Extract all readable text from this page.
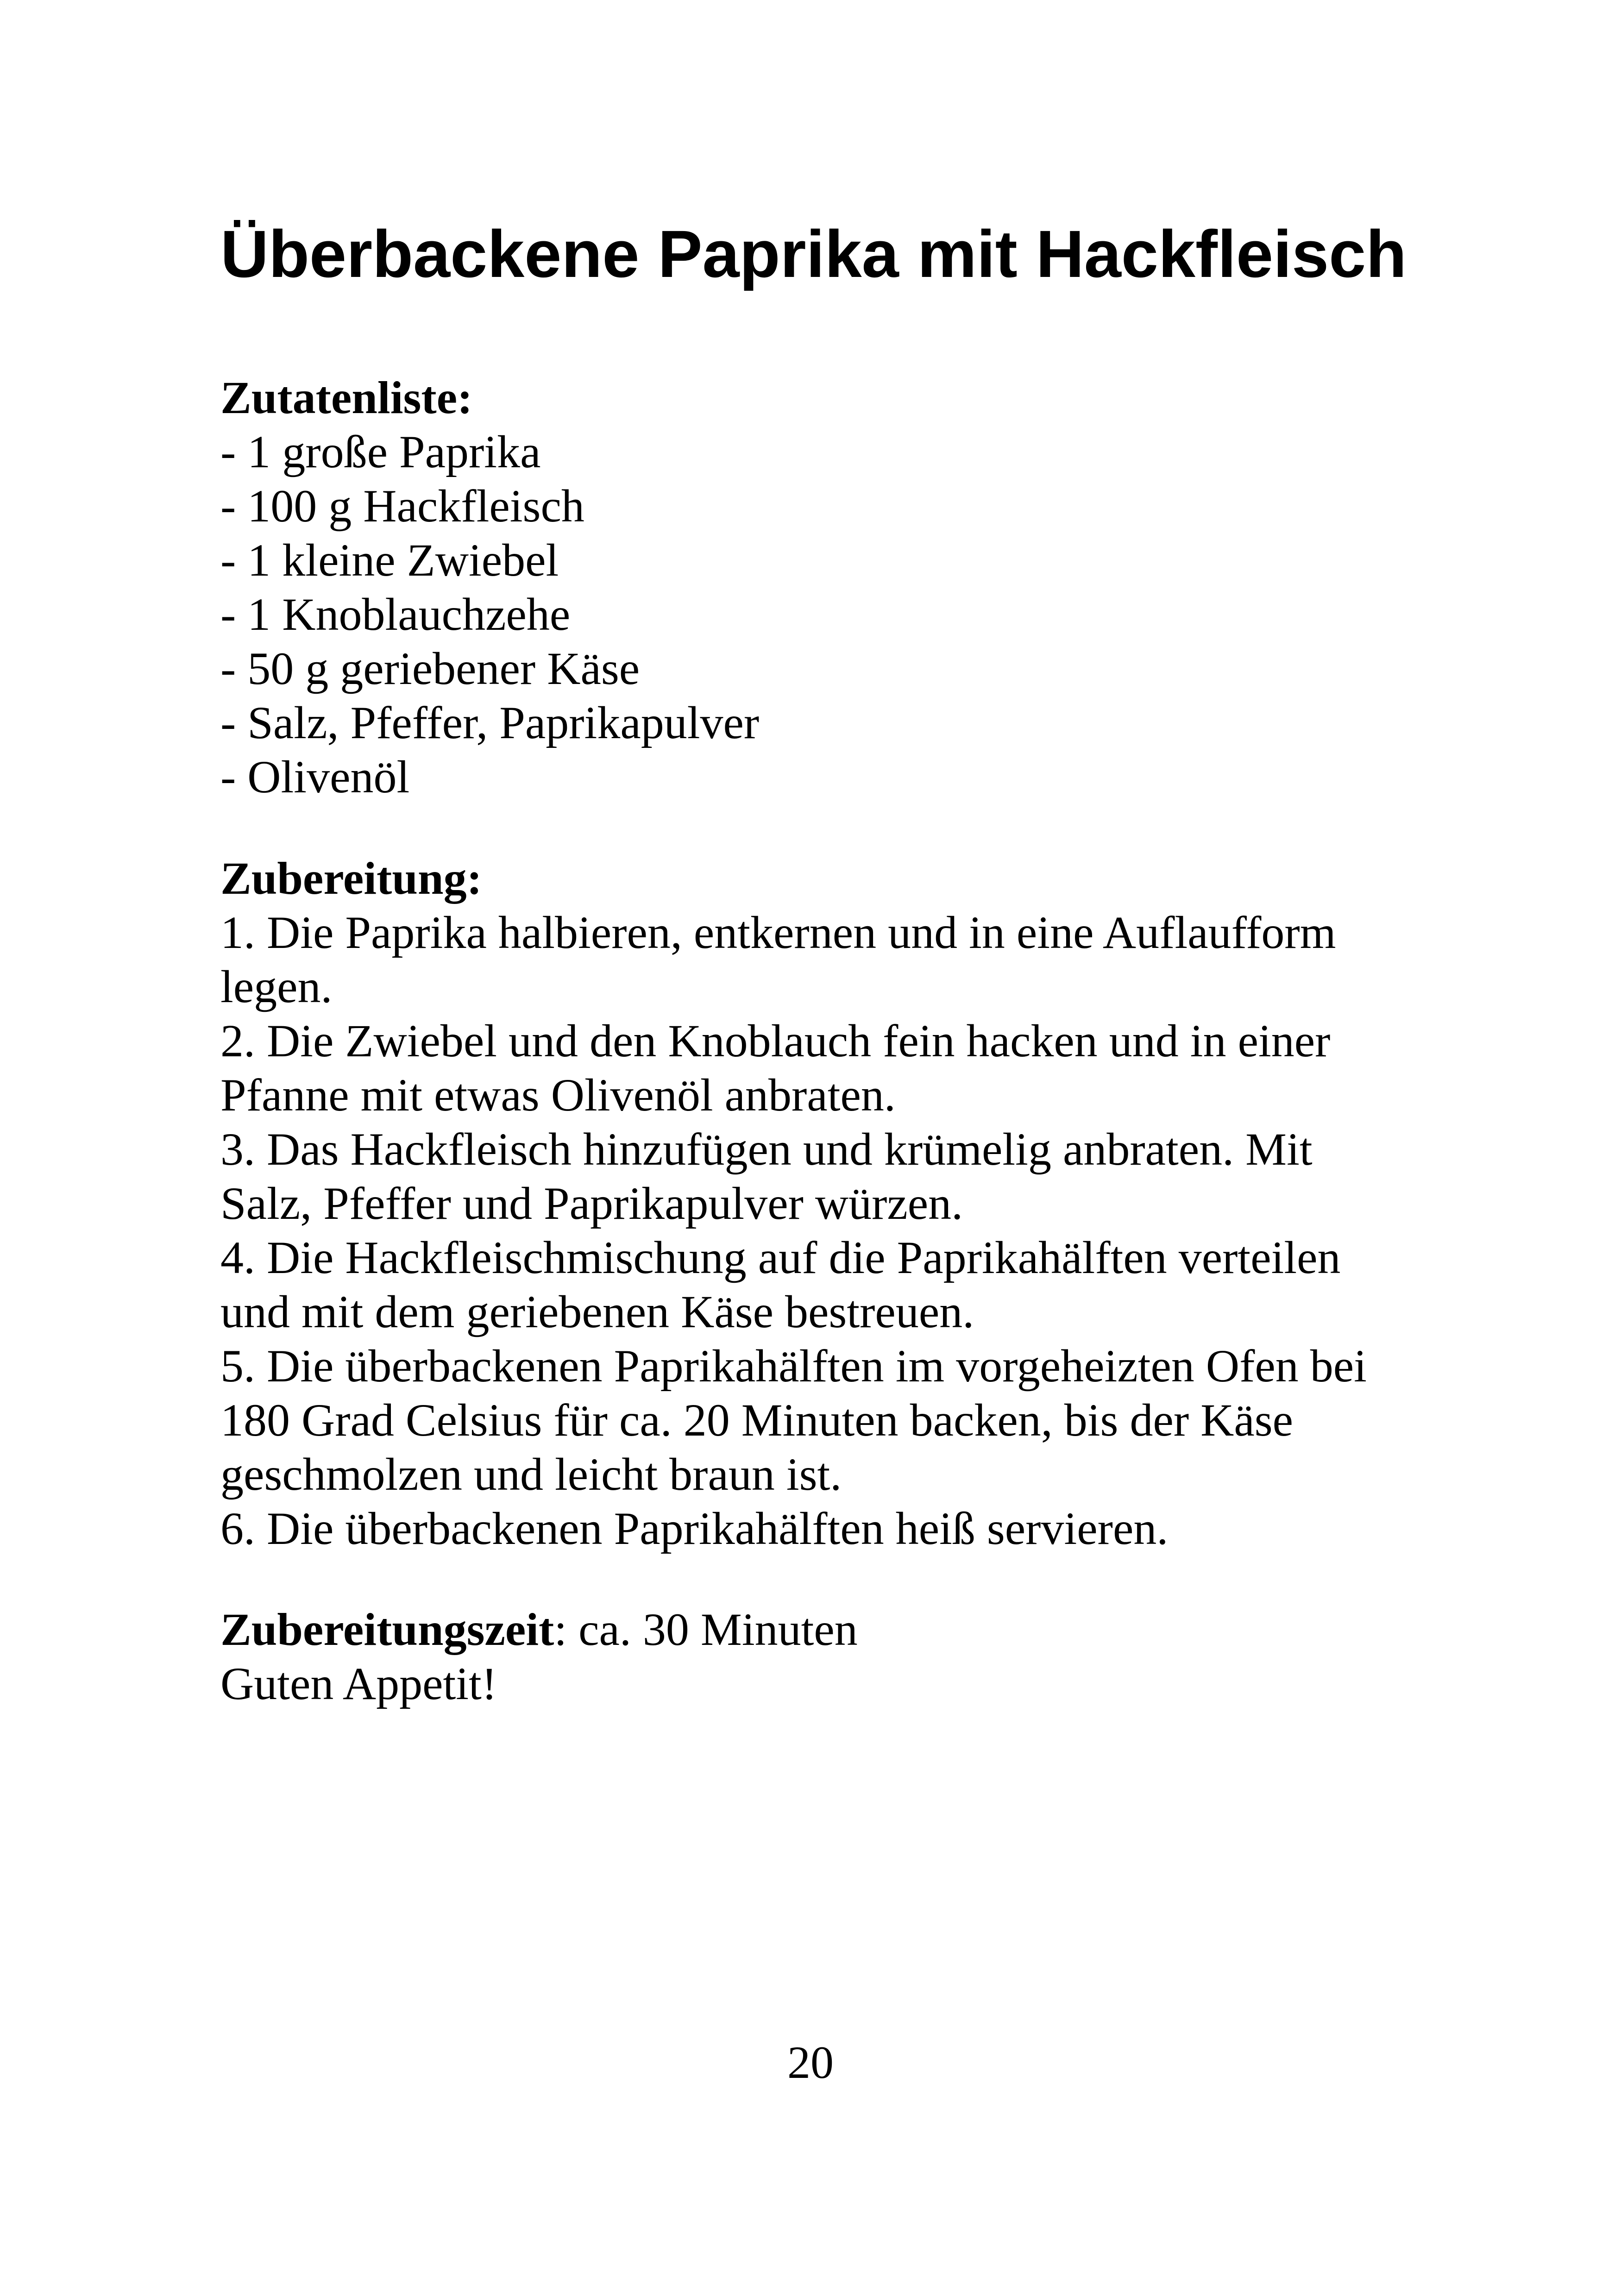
Überbackene Paprika mit Hackfleisch
Zutatenliste:
- 1 große Paprika
- 100 g Hackfleisch
- 1 kleine Zwiebel
- 1 Knoblauchzehe
- 50 g geriebener Käse
- Salz, Pfeffer, Paprikapulver
- Olivenöl
Zubereitung:
1. Die Paprika halbieren, entkernen und in eine Auflaufform
legen.
2. Die Zwiebel und den Knoblauch fein hacken und in einer
Pfanne mit etwas Olivenöl anbraten.
3. Das Hackfleisch hinzufügen und krümelig anbraten. Mit
Salz, Pfeffer und Paprikapulver würzen.
4. Die Hackfleischmischung auf die Paprikahälften verteilen
und mit dem geriebenen Käse bestreuen.
5. Die überbackenen Paprikahälften im vorgeheizten Ofen bei
180 Grad Celsius für ca. 20 Minuten backen, bis der Käse
geschmolzen und leicht braun ist.
6. Die überbackenen Paprikahälften heiß servieren.
Zubereitungszeit: ca. 30 Minuten
Guten Appetit!
20
